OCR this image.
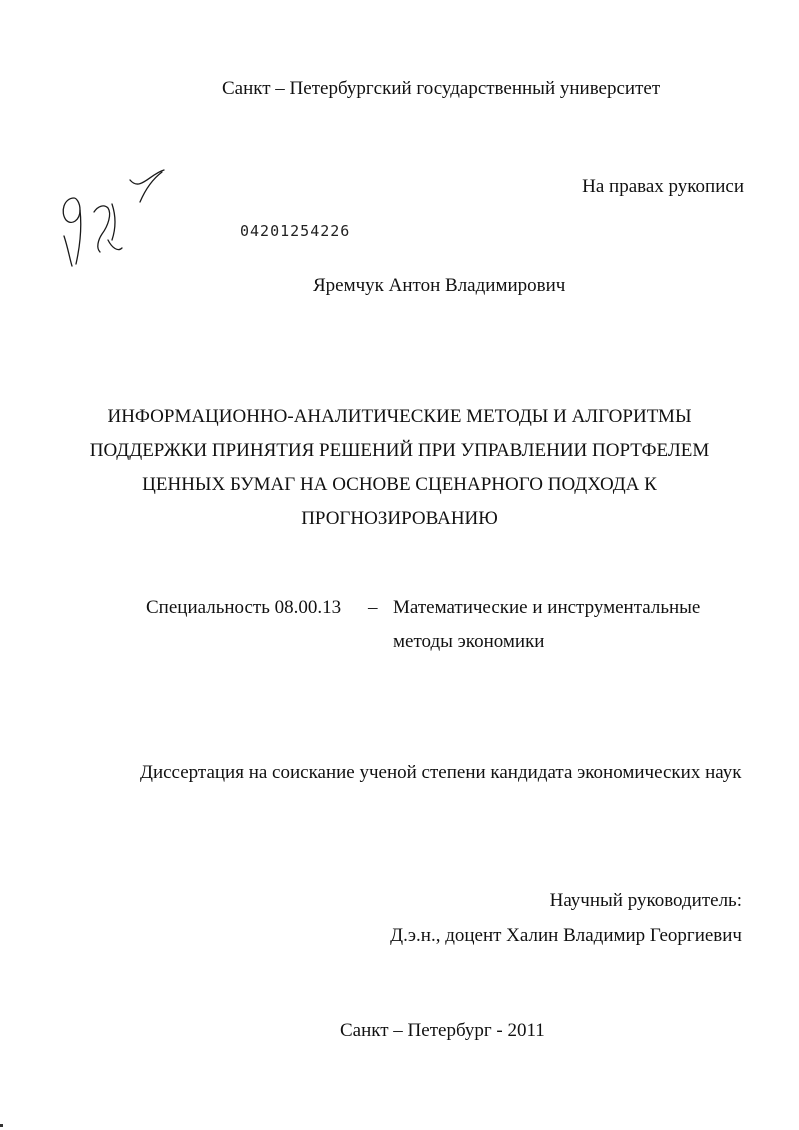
Санкт – Петербургский государственный университет
На правах рукописи
04201254226
Яремчук Антон Владимирович
ИНФОРМАЦИОННО-АНАЛИТИЧЕСКИЕ МЕТОДЫ И АЛГОРИТМЫ
ПОДДЕРЖКИ ПРИНЯТИЯ РЕШЕНИЙ ПРИ УПРАВЛЕНИИ ПОРТФЕЛЕМ
ЦЕННЫХ БУМАГ НА ОСНОВЕ СЦЕНАРНОГО ПОДХОДА К
ПРОГНОЗИРОВАНИЮ
Специальность 08.00.13 – Математические и инструментальные
методы экономики
Диссертация на соискание ученой степени кандидата экономических наук
Научный руководитель:
Д.э.н., доцент Халин Владимир Георгиевич
Санкт – Петербург - 2011
